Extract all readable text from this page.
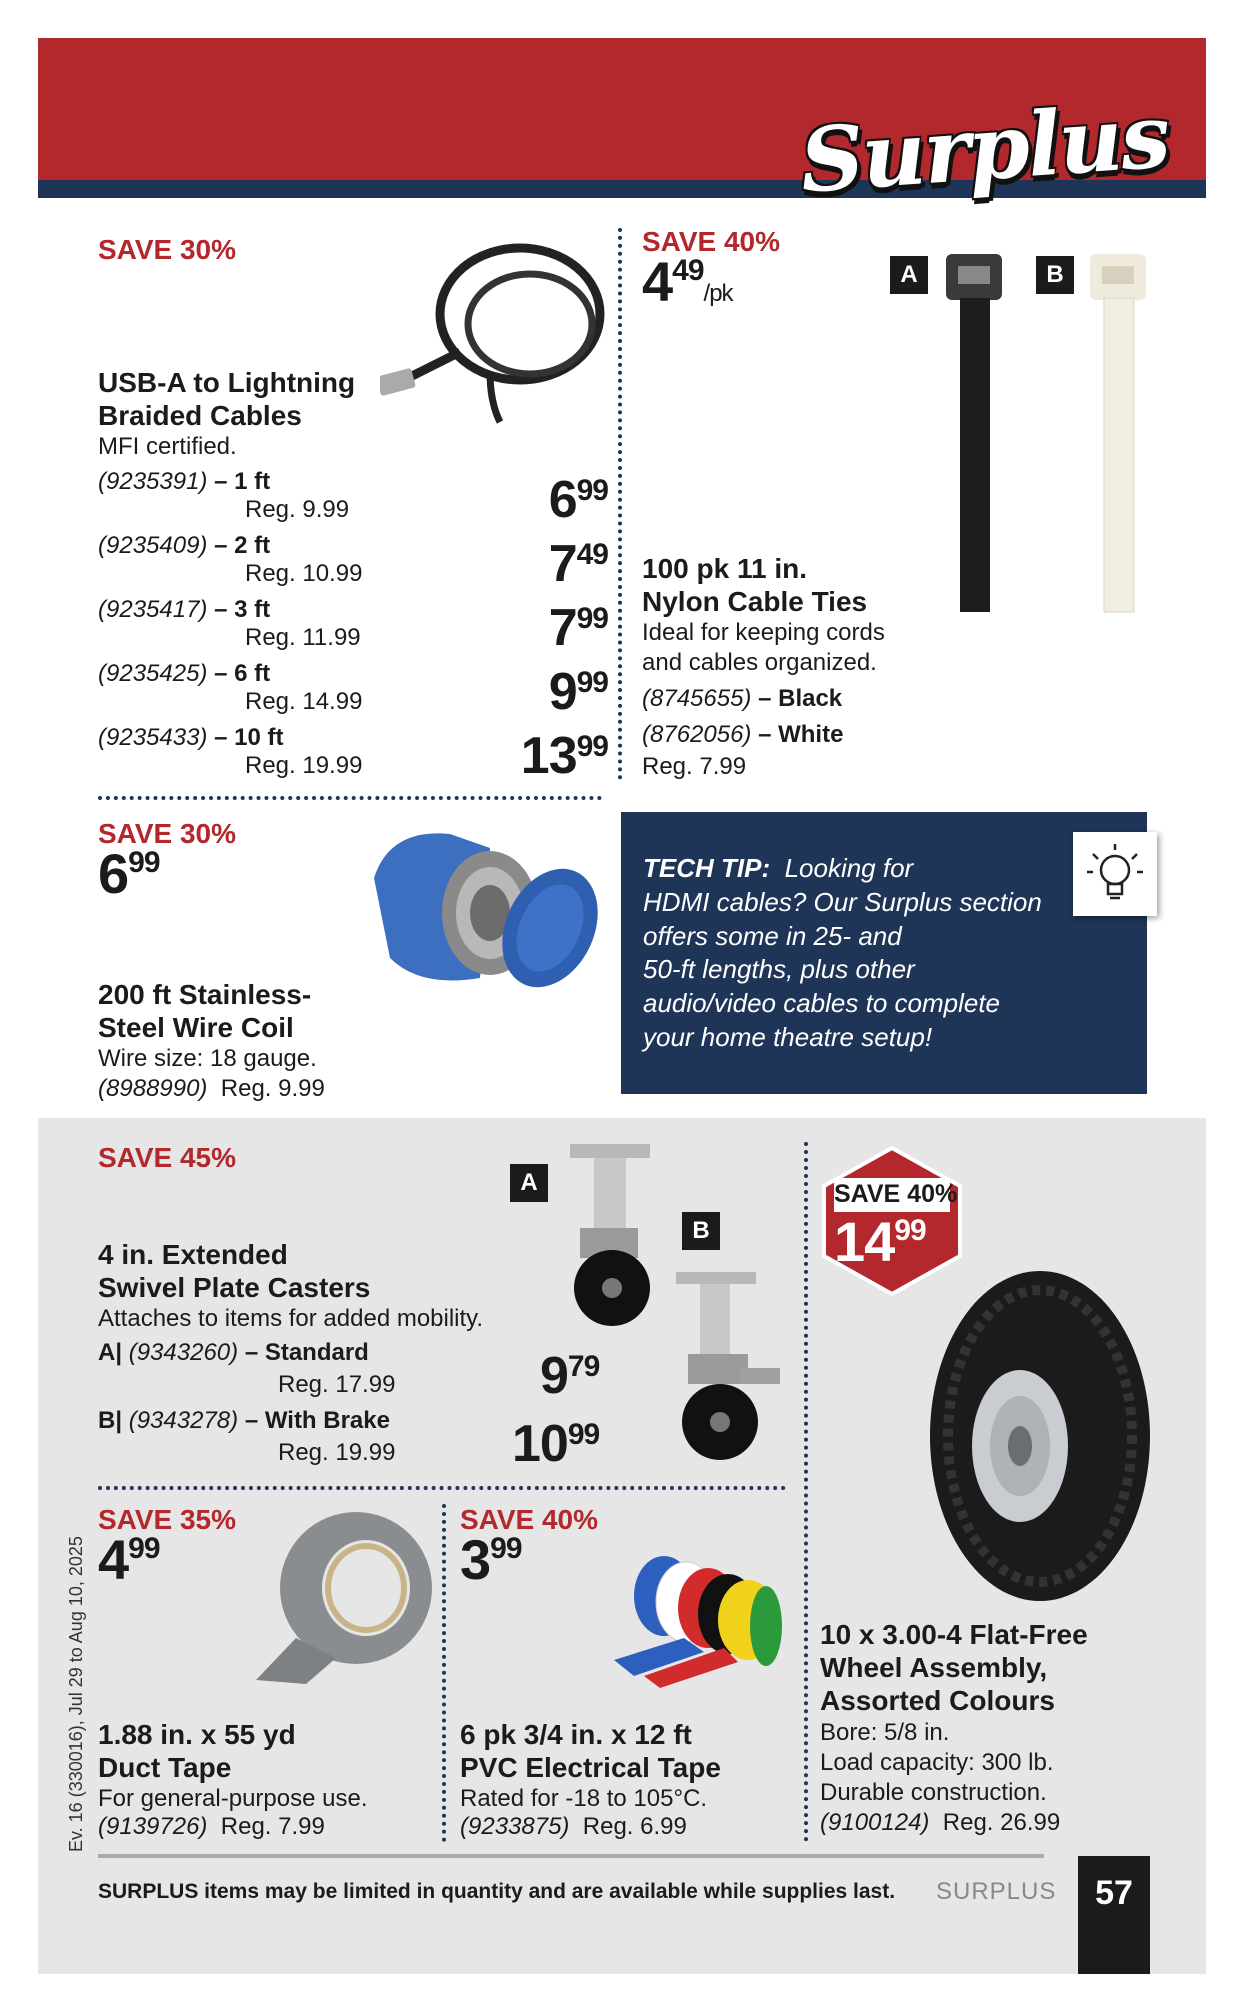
Surplus
SAVE 30%
USB-A to Lightning
Braided Cables
MFI certified.
(9235391) – 1 ft
Reg. 9.99	$6^{99}$
(9235409) – 2 ft
Reg. 10.99	$7^{49}$
(9235417) – 3 ft
Reg. 11.99	$7^{99}$
(9235425) – 6 ft
Reg. 14.99	$9^{99}$
(9235433) – 10 ft
Reg. 19.99	$13^{99}$
SAVE 40%
$4^{49}/pk$
A	B
100 pk 11 in.
Nylon Cable Ties
Ideal for keeping cords
and cables organized.
(8745655) – Black
(8762056) – White
Reg. 7.99
SAVE 30%
$6^{99}$
200 ft Stainless-
Steel Wire Coil
Wire size: 18 gauge.
(8988990) Reg. 9.99
TECH TIP: Looking for
HDMI cables? Our Surplus section
offers some in 25- and
50-ft lengths, plus other
audio/video cables to complete
your home theatre setup!
SAVE 45%
A
B
4 in. Extended
Swivel Plate Casters
Attaches to items for added mobility.
A| (9343260) – Standard
Reg. 17.99	$9^{79}$
B| (9343278) – With Brake
Reg. 19.99 $10^{99}$
SAVE 40%
$14^{99}$
10 x 3.00-4 Flat-Free
Wheel Assembly,
Assorted Colours
Bore: 5/8 in.
Load capacity: 300 lb.
Durable construction.
(9100124) Reg. 26.99
SAVE 35%
$4^{99}$
1.88 in. x 55 yd
Duct Tape
For general-purpose use.
(9139726) Reg. 7.99
SAVE 40%
$3^{99}$
6 pk 3/4 in. x 12 ft
PVC Electrical Tape
Rated for -18 to 105°C.
(9233875) Reg. 6.99
SURPLUS items may be limited in quantity and are available while supplies last. SURPLUS	57
Ev. 16 (330016), Jul 29 to Aug 10, 2025
